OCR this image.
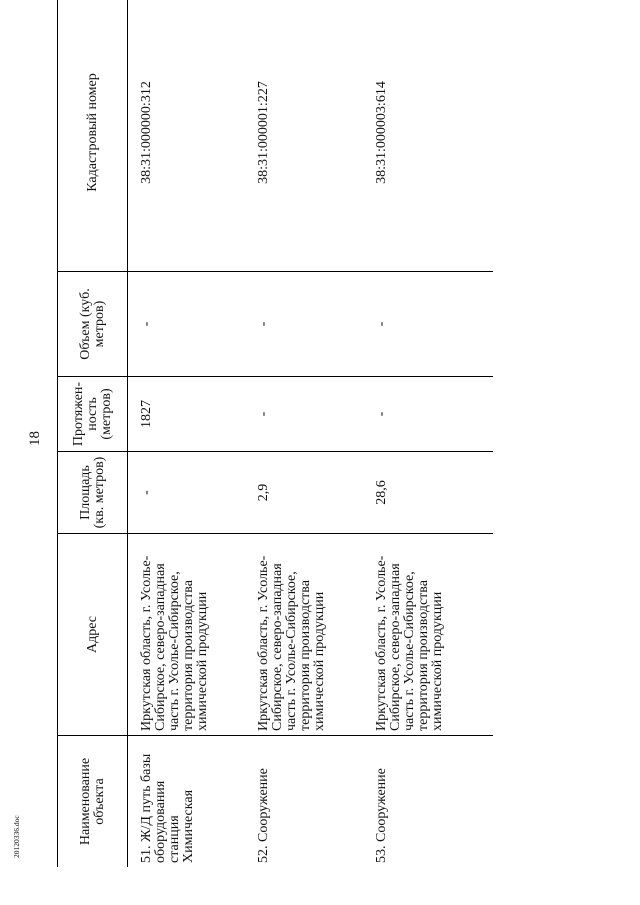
18
20120336.doc	Наименование объекта	Адрес	Площадь (кв. метров)	Протяжен-ность (метров)	Объем (куб. метров)	Кадастровый номер
51. Ж/Д путь базы оборудования станция Химическая	Иркутская область, г. Усолье-Сибирское, северо-западная часть г. Усолье-Сибирское, территория производства химической продукции	-	1827	-	38:31:000000:312
52. Сооружение	Иркутская область, г. Усолье-Сибирское, северо-западная часть г. Усолье-Сибирское, территория производства химической продукции	2,9	-	-	38:31:000001:227
53. Сооружение	Иркутская область, г. Усолье-Сибирское, северо-западная часть г. Усолье-Сибирское, территория производства химической продукции	28,6	-	-	38:31:000003:614
